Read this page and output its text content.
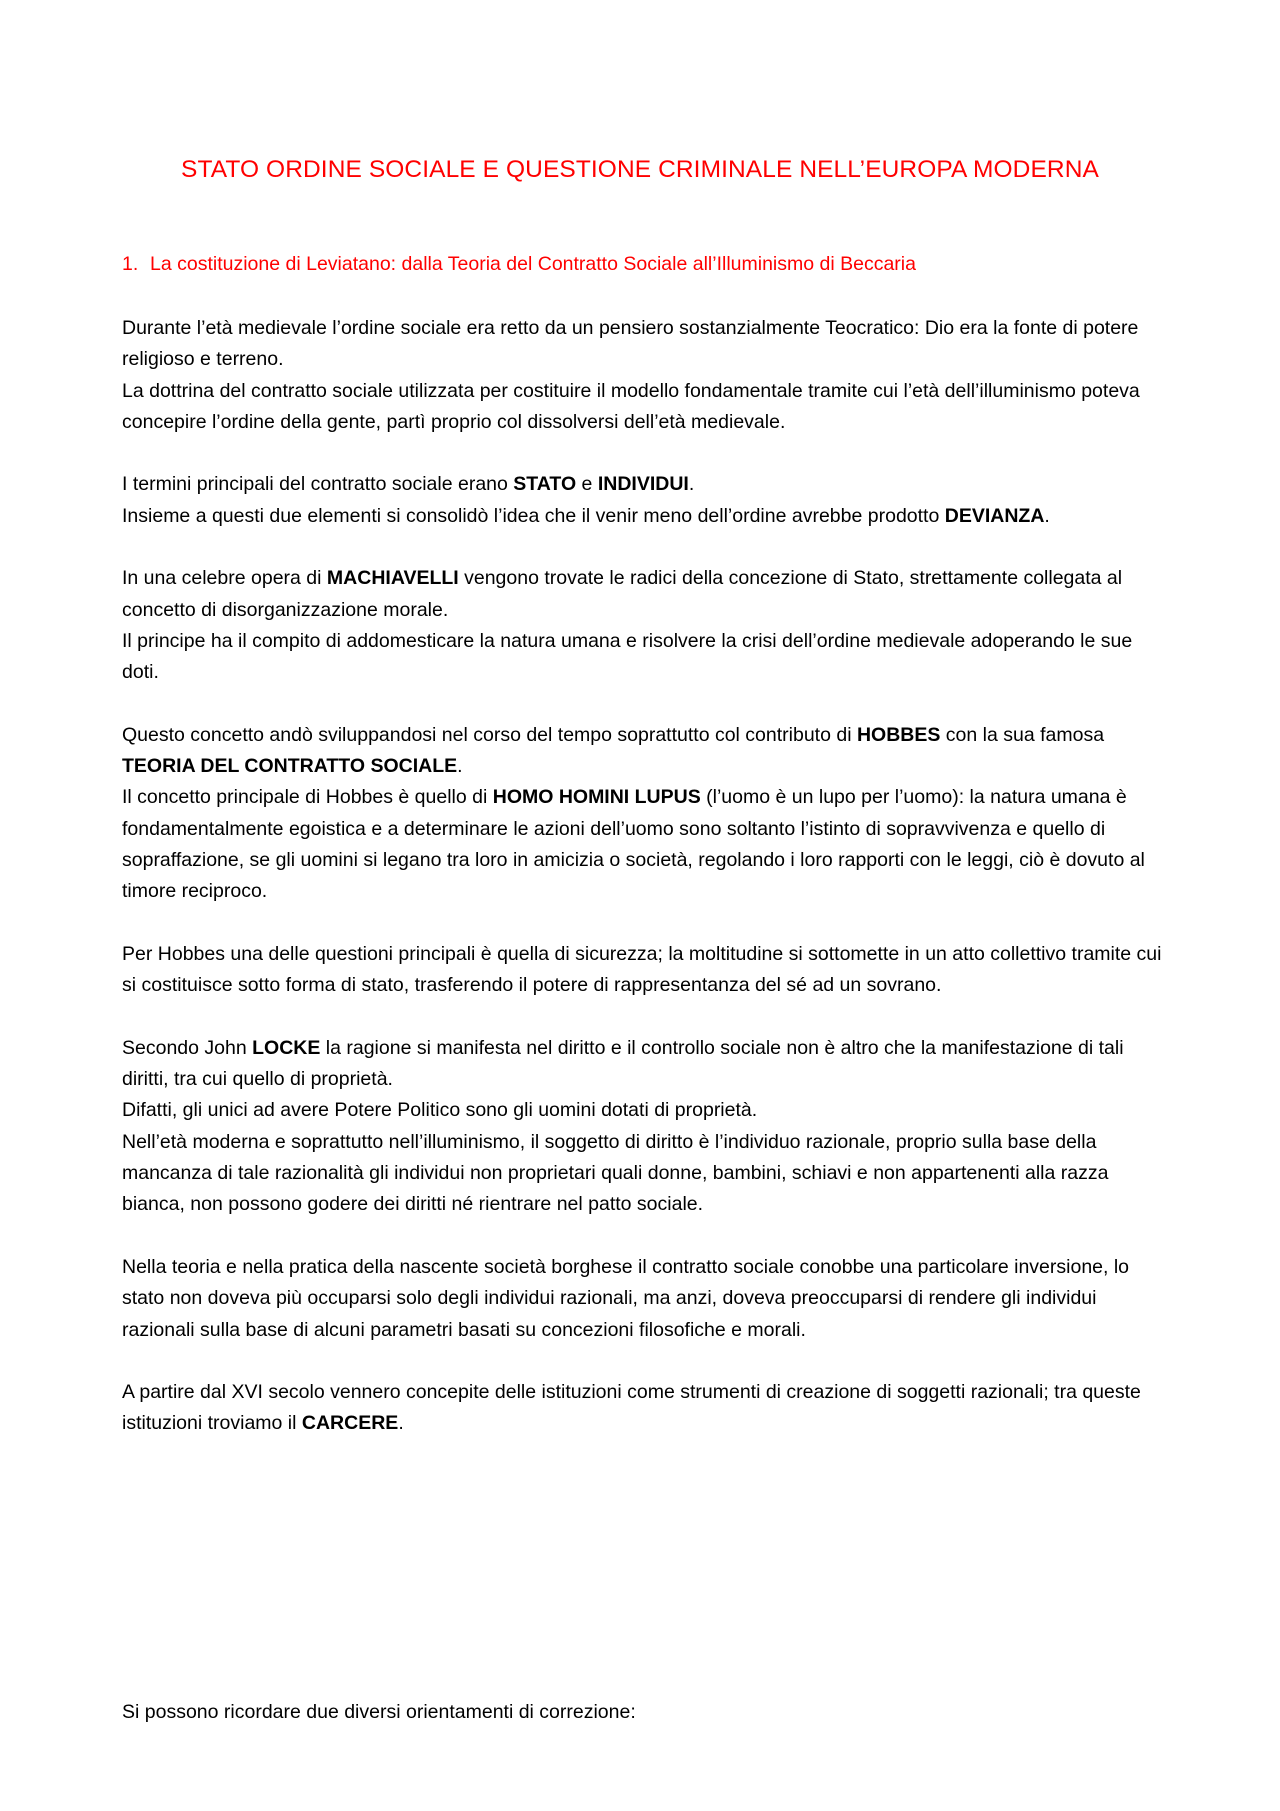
STATO ORDINE SOCIALE E QUESTIONE CRIMINALE NELL’EUROPA MODERNA
1. La costituzione di Leviatano: dalla Teoria del Contratto Sociale all’Illuminismo di Beccaria

Durante l’età medievale l’ordine sociale era retto da un pensiero sostanzialmente Teocratico: Dio era la fonte di potere religioso e terreno.

La dottrina del contratto sociale utilizzata per costituire il modello fondamentale tramite cui l’età dell’illuminismo poteva concepire l’ordine della gente, partì proprio col dissolversi dell’età medievale.

I termini principali del contratto sociale erano STATO e INDIVIDUI.

Insieme a questi due elementi si consolidò l’idea che il venir meno dell’ordine avrebbe prodotto DEVIANZA.

In una celebre opera di MACHIAVELLI vengono trovate le radici della concezione di Stato, strettamente collegata al concetto di disorganizzazione morale.

Il principe ha il compito di addomesticare la natura umana e risolvere la crisi dell’ordine medievale adoperando le sue doti.

Questo concetto andò sviluppandosi nel corso del tempo soprattutto col contributo di HOBBES con la sua famosa TEORIA DEL CONTRATTO SOCIALE.

Il concetto principale di Hobbes è quello di HOMO HOMINI LUPUS (l’uomo è un lupo per l’uomo): la natura umana è fondamentalmente egoistica e a determinare le azioni dell’uomo sono soltanto l’istinto di sopravvivenza e quello di sopraffazione, se gli uomini si legano tra loro in amicizia o società, regolando i loro rapporti con le leggi, ciò è dovuto al timore reciproco.

Per Hobbes una delle questioni principali è quella di sicurezza; la moltitudine si sottomette in un atto collettivo tramite cui si costituisce sotto forma di stato, trasferendo il potere di rappresentanza del sé ad un sovrano.

Secondo John LOCKE la ragione si manifesta nel diritto e il controllo sociale non è altro che la manifestazione di tali diritti, tra cui quello di proprietà.

Difatti, gli unici ad avere Potere Politico sono gli uomini dotati di proprietà.

Nell’età moderna e soprattutto nell’illuminismo, il soggetto di diritto è l’individuo razionale, proprio sulla base della mancanza di tale razionalità gli individui non proprietari quali donne, bambini, schiavi e non appartenenti alla razza bianca, non possono godere dei diritti né rientrare nel patto sociale.

Nella teoria e nella pratica della nascente società borghese il contratto sociale conobbe una particolare inversione, lo stato non doveva più occuparsi solo degli individui razionali, ma anzi, doveva preoccuparsi di rendere gli individui razionali sulla base di alcuni parametri basati su concezioni filosofiche e morali.

A partire dal XVI secolo vennero concepite delle istituzioni come strumenti di creazione di soggetti razionali; tra queste istituzioni troviamo il CARCERE.

Si possono ricordare due diversi orientamenti di correzione:
